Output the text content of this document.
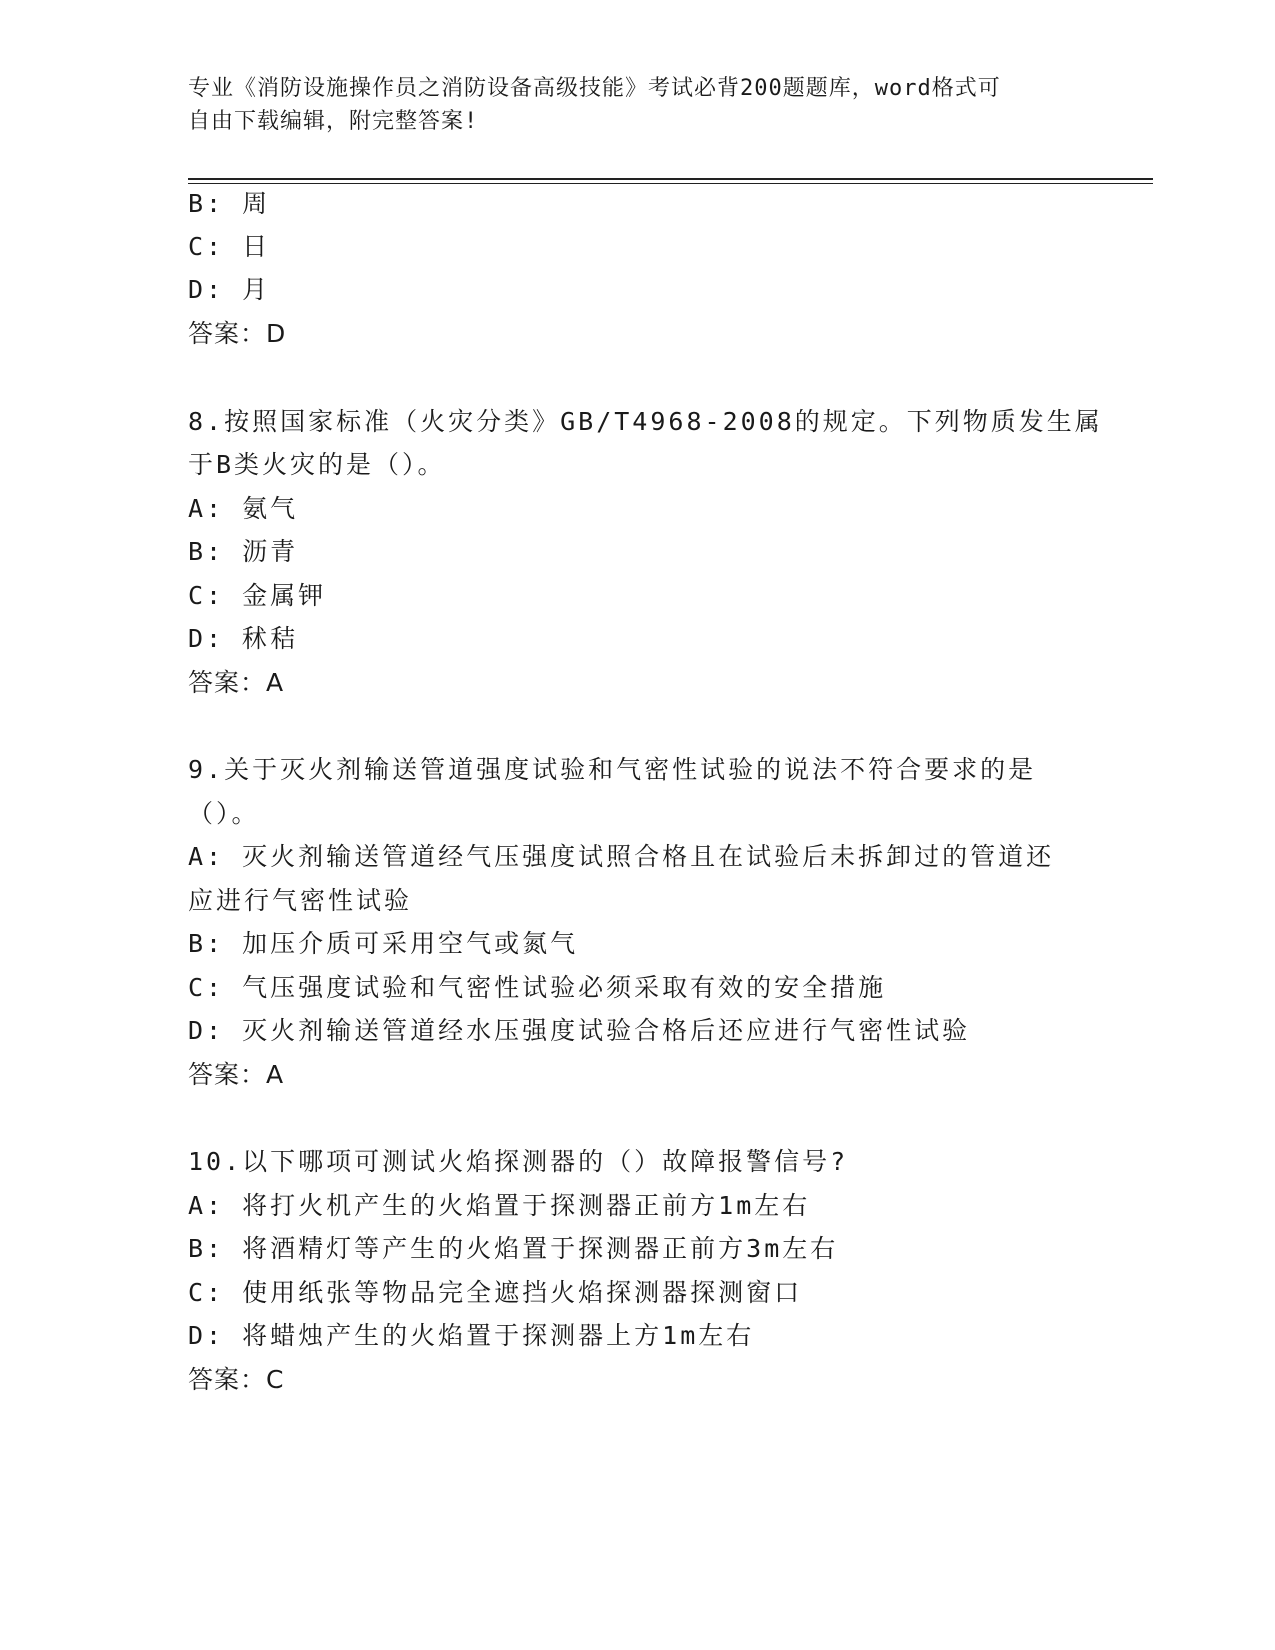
专业《消防设施操作员之消防设备高级技能》考试必背200题题库，word格式可
自由下载编辑，附完整答案!
B: 周
C: 日
D: 月
答案：D
8.按照国家标准（火灾分类》GB/T4968-2008的规定。下列物质发生属
于B类火灾的是（）。
A: 氨气
B: 沥青
C: 金属钾
D: 秫秸
答案：A
9.关于灭火剂输送管道强度试验和气密性试验的说法不符合要求的是
（）。
A: 灭火剂输送管道经气压强度试照合格且在试验后未拆卸过的管道还
应进行气密性试验
B: 加压介质可采用空气或氮气
C: 气压强度试验和气密性试验必须采取有效的安全措施
D: 灭火剂输送管道经水压强度试验合格后还应进行气密性试验
答案：A
10.以下哪项可测试火焰探测器的（）故障报警信号?
A: 将打火机产生的火焰置于探测器正前方1m左右
B: 将酒精灯等产生的火焰置于探测器正前方3m左右
C: 使用纸张等物品完全遮挡火焰探测器探测窗口
D: 将蜡烛产生的火焰置于探测器上方1m左右
答案：C
